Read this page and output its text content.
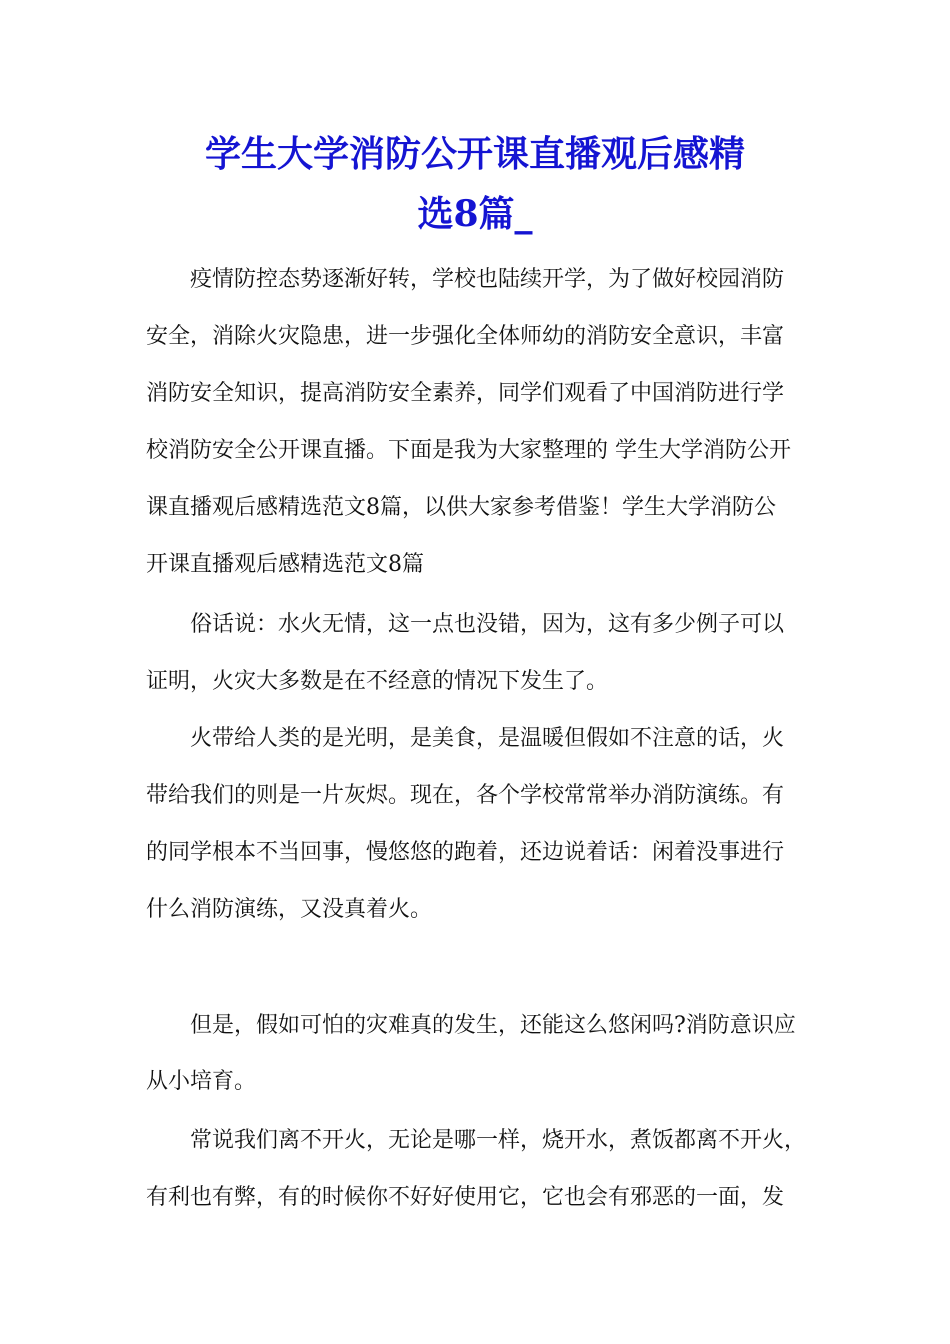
学生大学消防公开课直播观后感精
选8篇_

疫情防控态势逐渐好转，学校也陆续开学，为了做好校园消防

安全，消除火灾隐患，进一步强化全体师幼的消防安全意识，丰富

消防安全知识，提高消防安全素养，同学们观看了中国消防进行学

校消防安全公开课直播。下面是我为大家整理的 学生大学消防公开

课直播观后感精选范文8篇，以供大家参考借鉴！学生大学消防公

开课直播观后感精选范文8篇

俗话说：水火无情，这一点也没错，因为，这有多少例子可以

证明，火灾大多数是在不经意的情况下发生了。

火带给人类的是光明，是美食，是温暖但假如不注意的话，火

带给我们的则是一片灰烬。现在，各个学校常常举办消防演练。有

的同学根本不当回事，慢悠悠的跑着，还边说着话：闲着没事进行

什么消防演练，又没真着火。

但是，假如可怕的灾难真的发生，还能这么悠闲吗?消防意识应

从小培育。

常说我们离不开火，无论是哪一样，烧开水，煮饭都离不开火，

有利也有弊，有的时候你不好好使用它，它也会有邪恶的一面，发
